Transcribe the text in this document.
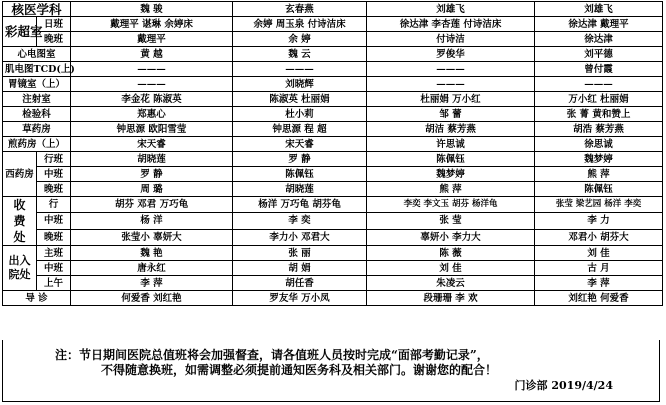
核医学科		魏 骏	玄春燕	刘雄飞	刘雄飞
彩超室	日班	戴理平 谌琳 余婷床	余婷 周玉泉 付诗洁床	徐达津 李杏莲 付诗洁床	徐达津 戴理平
	晚班	戴理平	余 婷	付诗洁	徐达津
心电图室		黄 越	魏 云	罗俊华	刘平德
肌电图TCD(上)		———	———	———	曾付霞
胃镜室（上）		———	刘晓辉	———	———
注射室		李金花 陈淑英	陈淑英 杜丽娟	杜丽娟 万小红	万小红 杜丽娟
检验科		郑惠心	杜小莉	邹 蕾	张 菁 黄和赞上
草药房		钟思源 欧阳雪莹	钟思源 程 超	胡洁 蔡芳燕	胡浩 蔡芳燕
煎药房（上）		宋天睿	宋天睿	许思诚	徐思诚
西药房	行班	胡晓莲	罗 静	陈佩钰	魏梦婷
	中班	罗 静	陈佩钰	魏梦婷	熊 萍
	晚班	周 璐	胡晓莲	熊 萍	陈佩钰
收费处	行	胡芬 邓君 万巧龟	杨洋 万巧龟 胡芬龟	李奕 李文玉 胡芬 杨洋龟	张莹 梁艺园 杨洋 李奕
	中班	杨 洋	李 奕	张 莹	李 力
	晚班	张莹小 辜妍大	李力小 邓君大	辜妍小 李力大	邓君小 胡芬大
出入院处	主班	魏 艳	张 丽	陈 薇	刘 佳
	中班	唐永红	胡 娟	刘 佳	古 月
	上午	李 萍	胡任香	朱凌云	李 萍
导 诊		何爱香 刘红艳	罗友华 万小凤	段珊珊 李 欢	刘红艳 何爱香
注：节日期间医院总值班将会加强督查，请各值班人员按时完成“面部考勤记录”，
不得随意换班，如需调整必须提前通知医务科及相关部门。谢谢您的配合！
门诊部 2019/4/24
